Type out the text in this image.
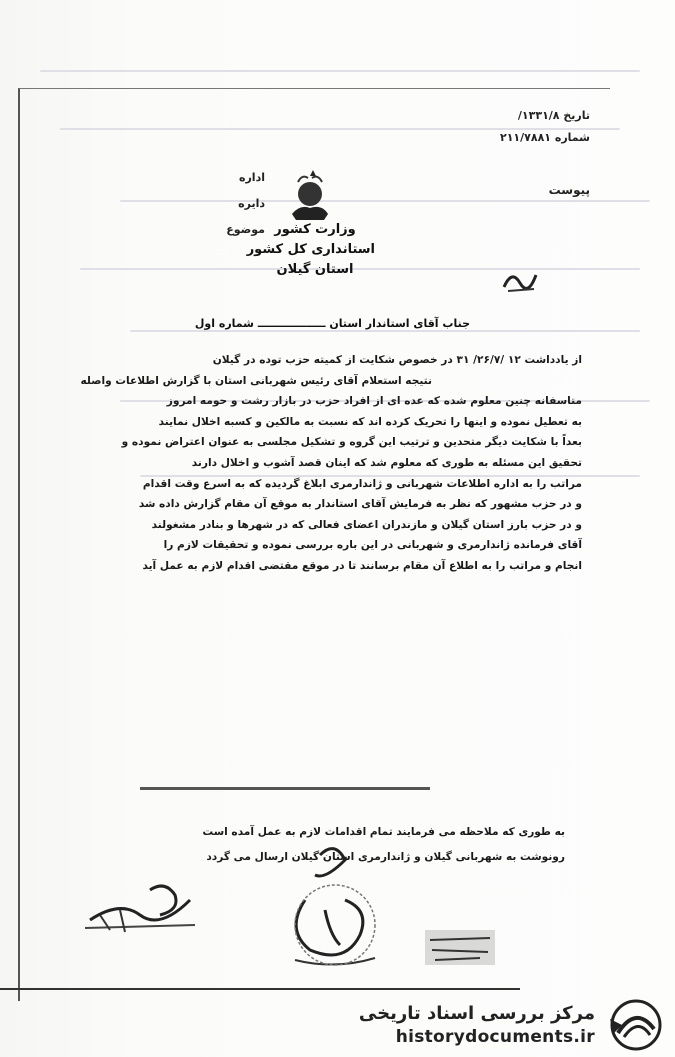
تاریخ ۱۳۳۱/۸/
شماره ۲۱۱/۷۸۸۱
پیوست
اداره
دایره
موضوع وزارت کشور
استانداری کل کشور
استان گیلان
جناب آقای استاندار استان ــــــــــــــــــ شماره اول
از یادداشت ۱۲ /۲۶/۷/ ۳۱ در خصوص شکایت از کمیته حزب توده در گیلان
نتیجه استعلام آقای رئیس شهربانی استان با گزارش اطلاعات واصله
متاسفانه چنین معلوم شده که عده ای از افراد حزب در بازار رشت و حومه امروز
به تعطیل نموده و اینها را تحریک کرده اند که نسبت به مالکین و کسبه اخلال نمایند
بعداً با شکایت دیگر متحدین و ترتیب این گروه و تشکیل مجلسی به عنوان اعتراض نموده و
تحقیق این مسئله به طوری که معلوم شد که اینان قصد آشوب و اخلال دارند
مراتب را به اداره اطلاعات شهربانی و ژاندارمری ابلاغ گردیده که به اسرع وقت اقدام
و در حزب مشهور که نظر به فرمایش آقای استاندار به موقع آن مقام گزارش داده شد
و در حزب بارز استان گیلان و مازندران اعضای فعالی که در شهرها و بنادر مشغولند
آقای فرمانده ژاندارمری و شهربانی در این باره بررسی نموده و تحقیقات لازم را
انجام و مراتب را به اطلاع آن مقام برسانند تا در موقع مقتضی اقدام لازم به عمل آید
به طوری که ملاحظه می فرمایند تمام اقدامات لازم به عمل آمده است
رونوشت به شهربانی گیلان و ژاندارمری استان گیلان ارسال می گردد
مرکز بررسی اسناد تاریخی
historydocuments.ir
